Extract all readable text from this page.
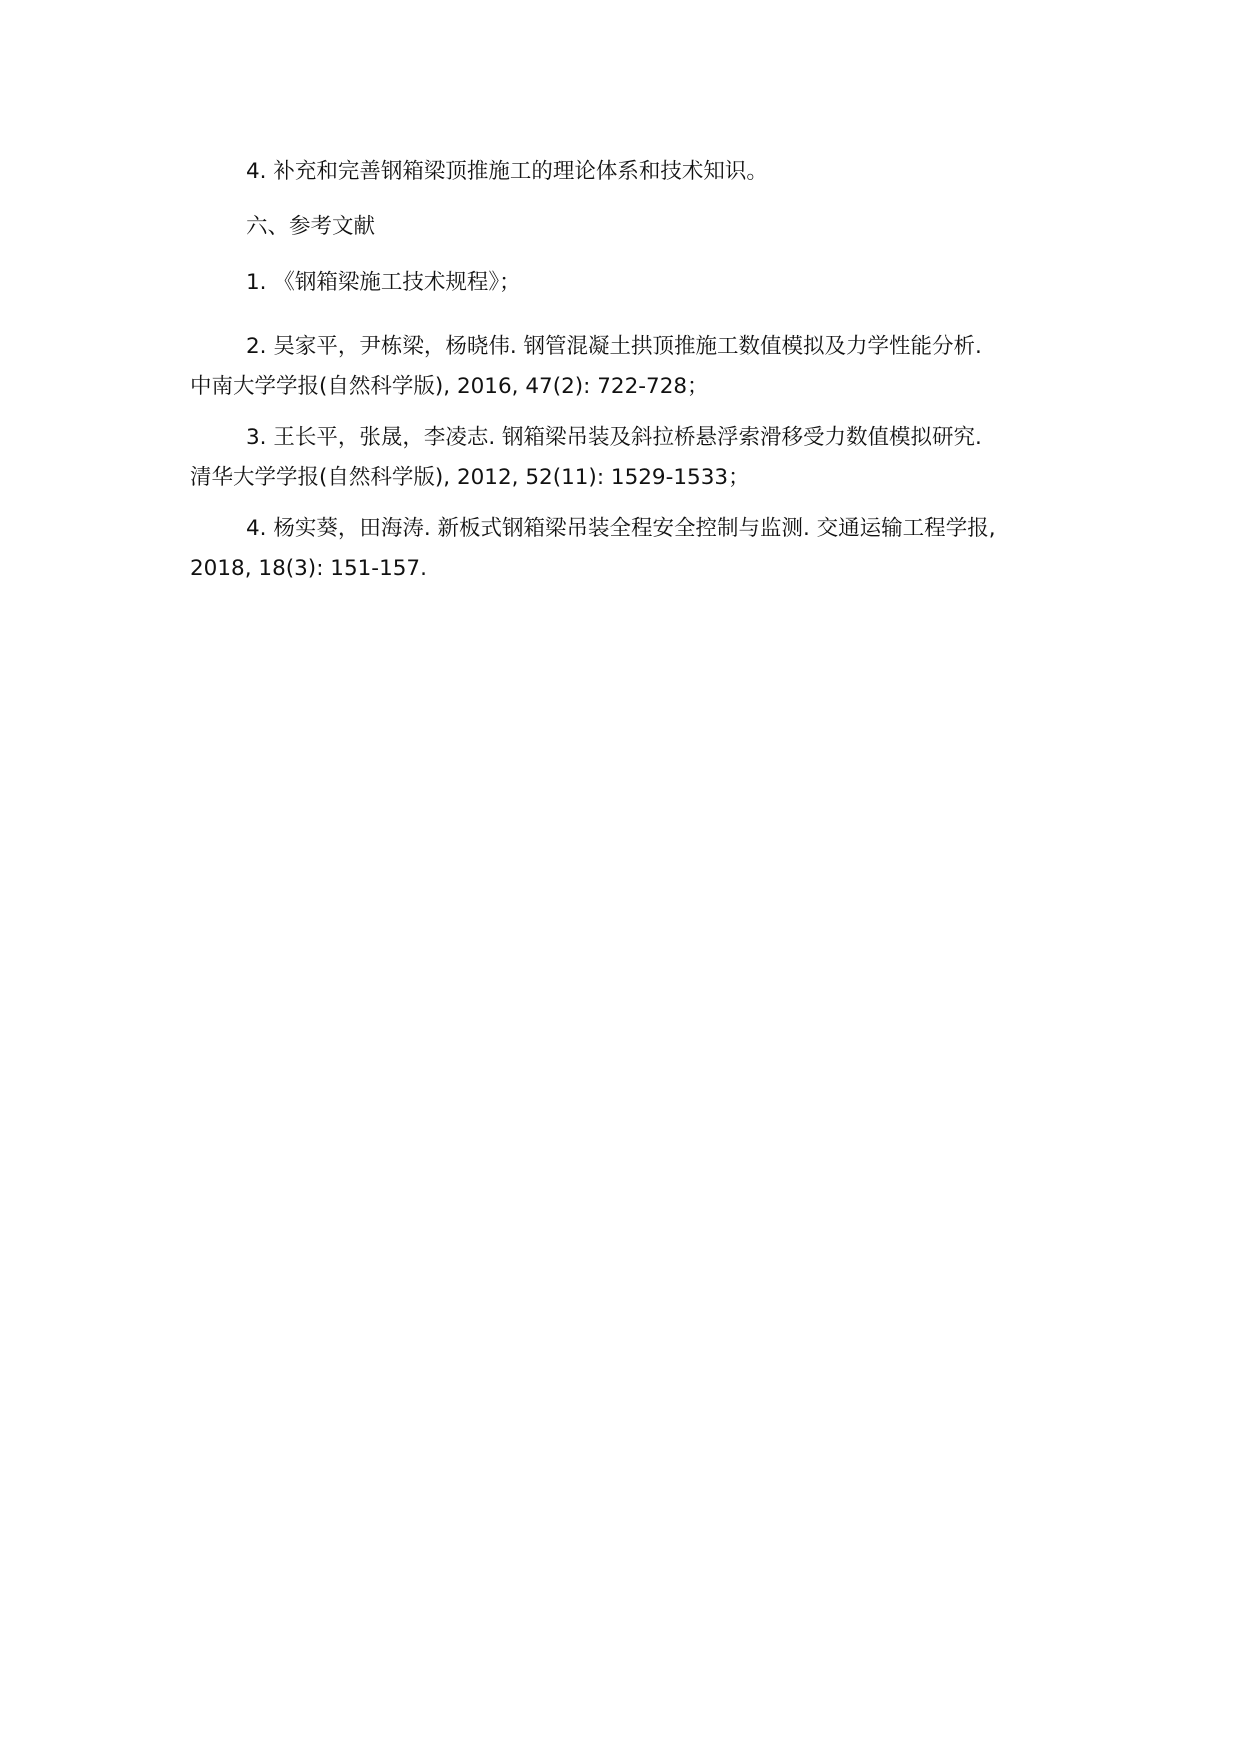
4. 补充和完善钢箱梁顶推施工的理论体系和技术知识。

六、参考文献

1. 《钢箱梁施工技术规程》；

2. 吴家平，尹栋梁，杨晓伟. 钢管混凝土拱顶推施工数值模拟及力学性能分析.
中南大学学报(自然科学版), 2016, 47(2): 722-728；
3. 王长平，张晟，李凌志. 钢箱梁吊装及斜拉桥悬浮索滑移受力数值模拟研究.
清华大学学报(自然科学版), 2012, 52(11): 1529-1533；
4. 杨实葵，田海涛. 新板式钢箱梁吊装全程安全控制与监测. 交通运输工程学报,
2018, 18(3): 151-157.
